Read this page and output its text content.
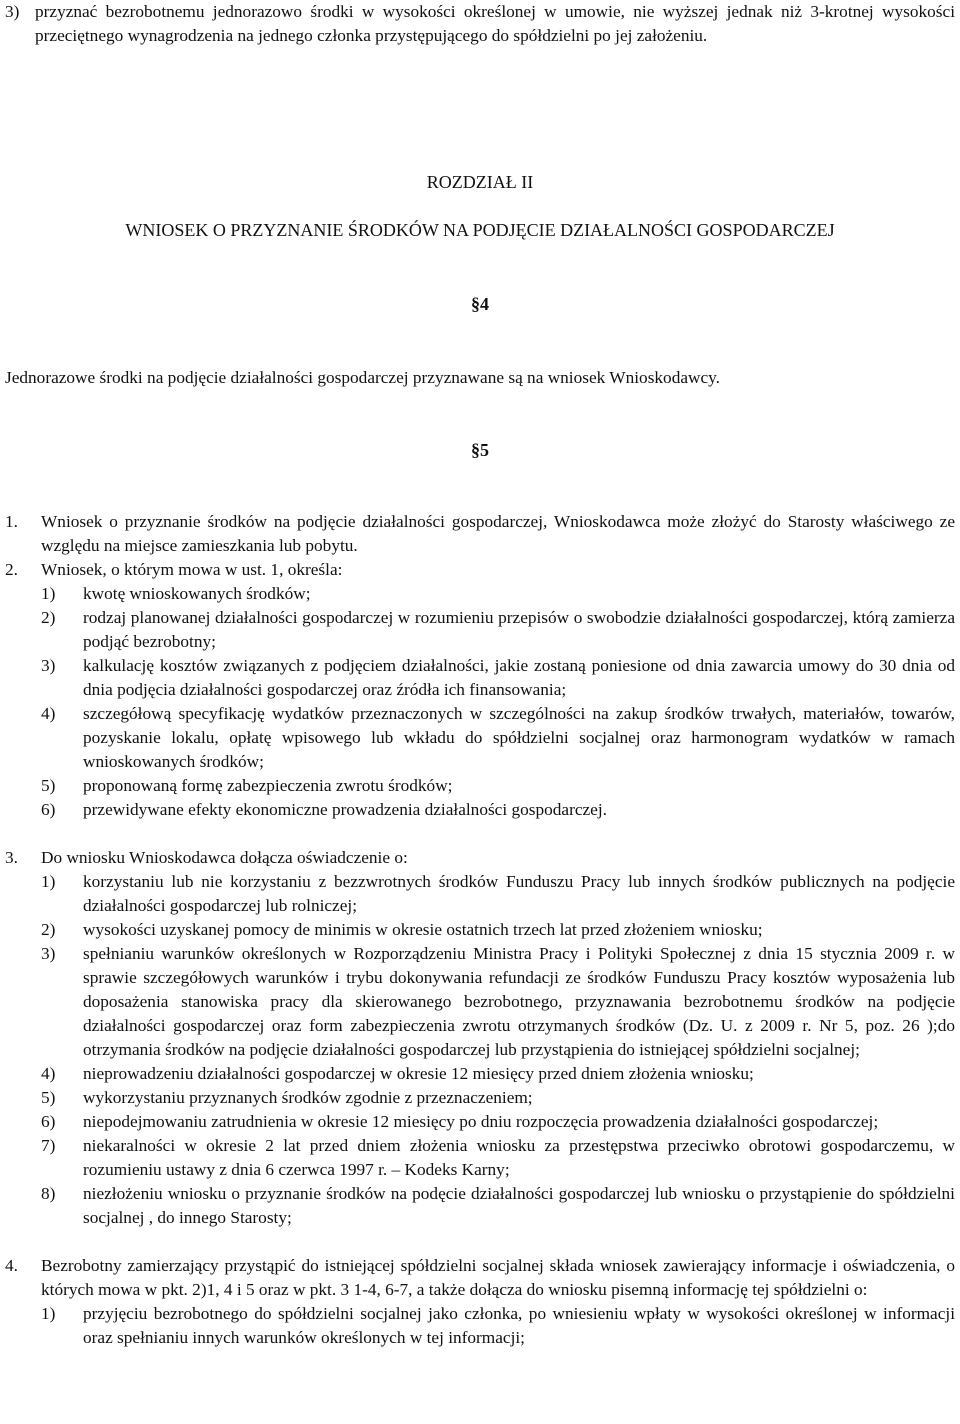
3) przyznać bezrobotnemu jednorazowo środki w wysokości określonej w umowie, nie wyższej jednak niż 3-krotnej wysokości przeciętnego wynagrodzenia na jednego członka przystępującego do spółdzielni po jej założeniu.
ROZDZIAŁ II
WNIOSEK O PRZYZNANIE ŚRODKÓW NA PODJĘCIE DZIAŁALNOŚCI GOSPODARCZEJ
§4
Jednorazowe środki na podjęcie działalności gospodarczej przyznawane są na wniosek Wnioskodawcy.
§5
1.	Wniosek o przyznanie środków na podjęcie działalności gospodarczej, Wnioskodawca może złożyć do Starosty właściwego ze względu na miejsce zamieszkania lub pobytu.
2.	Wniosek, o którym mowa w ust. 1, określa:
1)	kwotę wnioskowanych środków;
2)	rodzaj planowanej działalności gospodarczej w rozumieniu przepisów o swobodzie działalności gospodarczej, którą zamierza podjąć bezrobotny;
3)	kalkulację kosztów związanych z podjęciem działalności, jakie zostaną poniesione od dnia zawarcia umowy do 30 dnia od dnia podjęcia działalności gospodarczej oraz źródła ich finansowania;
4)	szczegółową specyfikację wydatków przeznaczonych w szczególności na zakup środków trwałych, materiałów, towarów, pozyskanie lokalu, opłatę wpisowego lub wkładu do spółdzielni socjalnej oraz harmonogram wydatków w ramach wnioskowanych środków;
5)	proponowaną formę zabezpieczenia zwrotu środków;
6)	przewidywane efekty ekonomiczne prowadzenia działalności gospodarczej.
3.	Do wniosku Wnioskodawca dołącza oświadczenie o:
1)	korzystaniu lub nie korzystaniu z bezzwrotnych środków Funduszu Pracy lub innych środków publicznych na podjęcie działalności gospodarczej lub rolniczej;
2)	wysokości uzyskanej pomocy de minimis w okresie ostatnich trzech lat przed złożeniem wniosku;
3)	spełnianiu warunków określonych w Rozporządzeniu Ministra Pracy i Polityki Społecznej z dnia 15 stycznia 2009 r. w sprawie szczegółowych warunków i trybu dokonywania refundacji ze środków Funduszu Pracy kosztów wyposażenia lub doposażenia stanowiska pracy dla skierowanego bezrobotnego, przyznawania bezrobotnemu środków na podjęcie działalności gospodarczej oraz form zabezpieczenia zwrotu otrzymanych środków (Dz. U. z 2009 r. Nr 5, poz. 26 );do otrzymania środków na podjęcie działalności gospodarczej lub przystąpienia do istniejącej spółdzielni socjalnej;
4)	nieprowadzeniu działalności gospodarczej w okresie 12 miesięcy przed dniem złożenia wniosku;
5)	wykorzystaniu przyznanych środków zgodnie z przeznaczeniem;
6)	niepodejmowaniu zatrudnienia w okresie 12 miesięcy po dniu rozpoczęcia prowadzenia działalności gospodarczej;
7)	niekaralności w okresie 2 lat przed dniem złożenia wniosku za przestępstwa przeciwko obrotowi gospodarczemu, w rozumieniu ustawy z dnia 6 czerwca 1997 r. – Kodeks Karny;
8)	niezłożeniu wniosku o przyznanie środków na podęcie działalności gospodarczej lub wniosku o przystąpienie do spółdzielni socjalnej , do innego Starosty;
4.	Bezrobotny zamierzający przystąpić do istniejącej spółdzielni socjalnej składa wniosek zawierający informacje i oświadczenia, o których mowa w pkt. 2)1, 4 i 5 oraz w pkt. 3 1-4, 6-7, a także dołącza do wniosku pisemną informację tej spółdzielni o:
1)	przyjęciu bezrobotnego do spółdzielni socjalnej jako członka, po wniesieniu wpłaty w wysokości określonej w informacji oraz spełnianiu innych warunków określonych w tej informacji;
